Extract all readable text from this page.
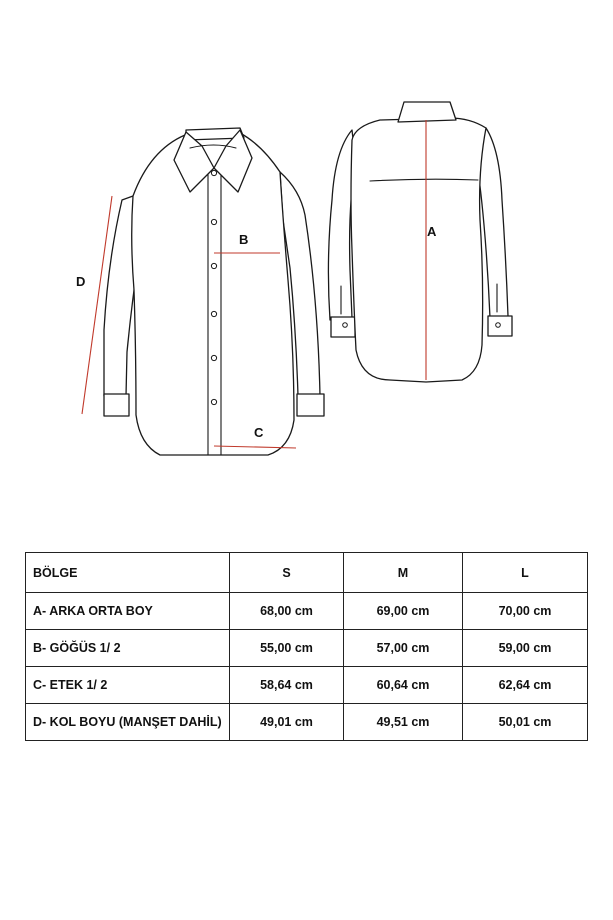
A
B
C
D
BÖLGE	S	M	L
A- ARKA ORTA BOY	68,00 cm	69,00 cm	70,00 cm
B- GÖĞÜS 1/ 2	55,00 cm	57,00 cm	59,00 cm
C- ETEK 1/ 2	58,64 cm	60,64 cm	62,64 cm
D- KOL BOYU (MANŞET DAHİL)	49,01 cm	49,51 cm	50,01 cm
